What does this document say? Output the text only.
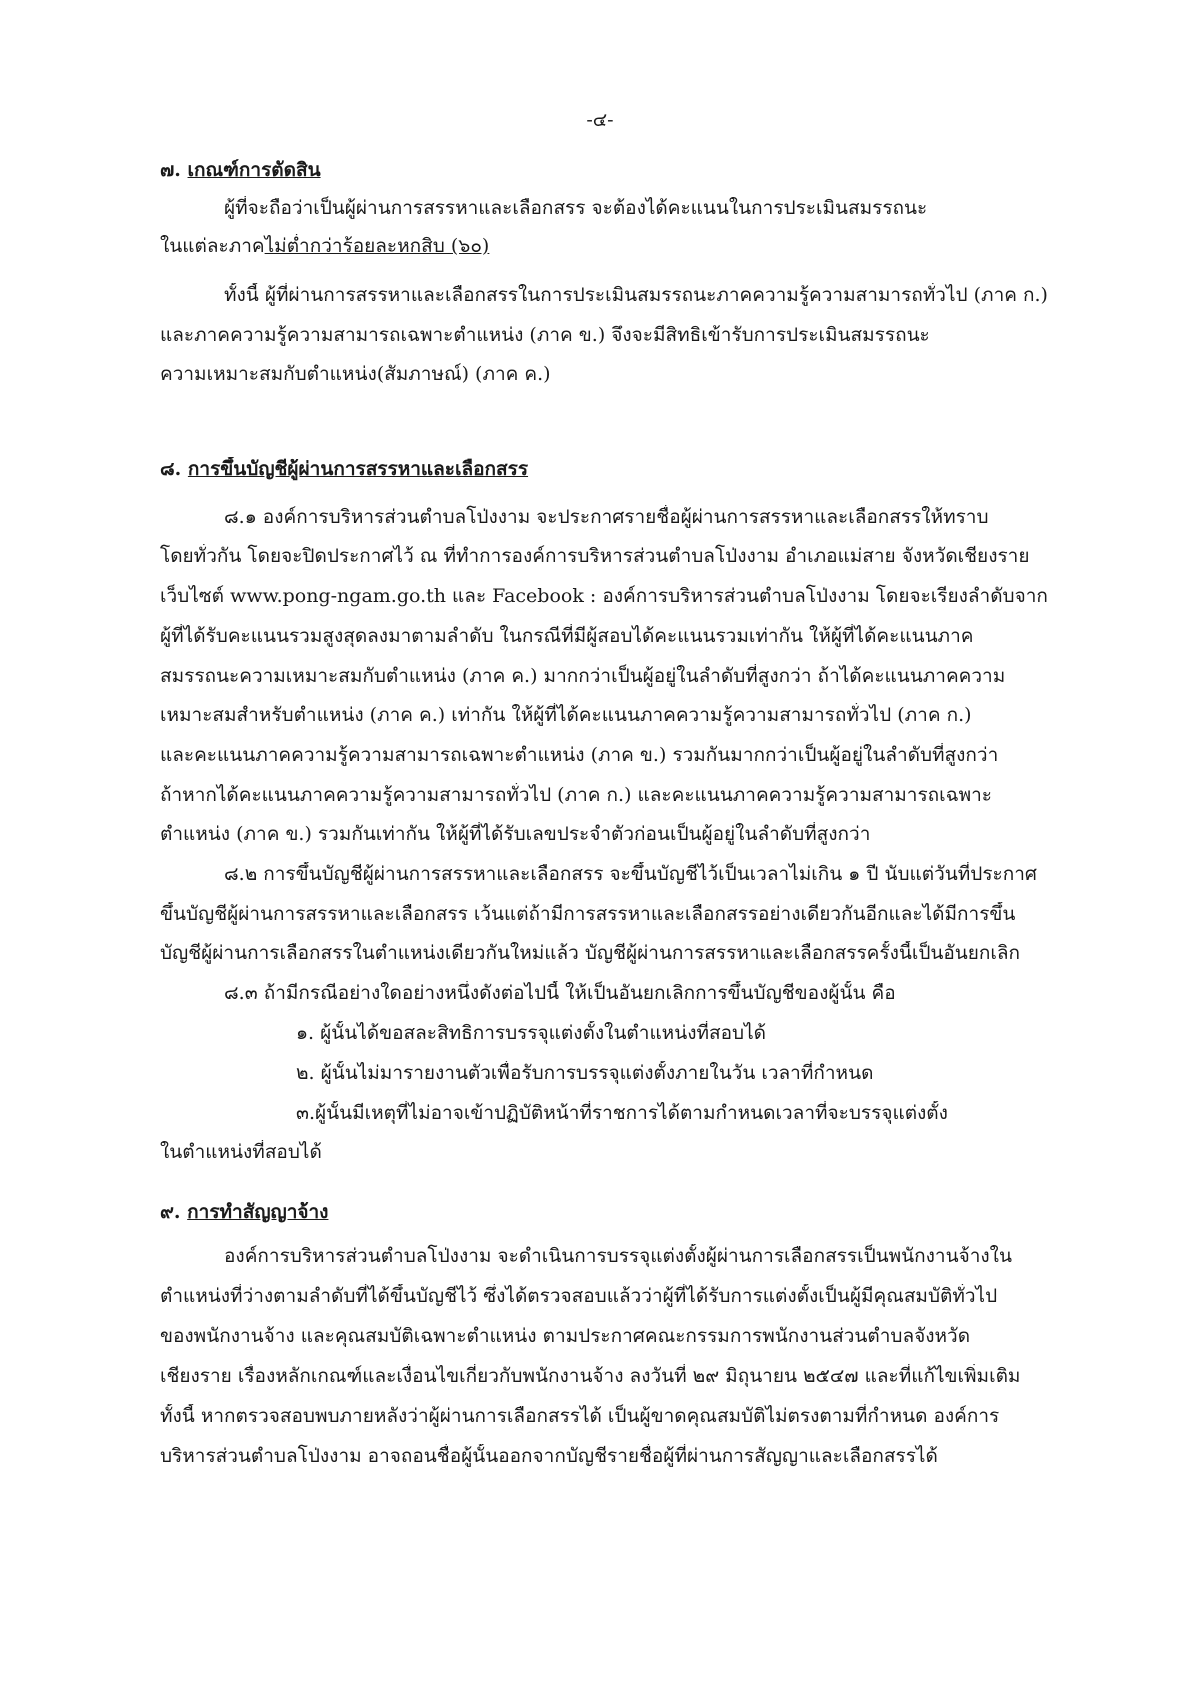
-๔-
๗. เกณฑ์การตัดสิน
ผู้ที่จะถือว่าเป็นผู้ผ่านการสรรหาและเลือกสรร จะต้องได้คะแนนในการประเมินสมรรถนะ
ในแต่ละภาคไม่ต่ำกว่าร้อยละหกสิบ (๖๐)
ทั้งนี้ ผู้ที่ผ่านการสรรหาและเลือกสรรในการประเมินสมรรถนะภาคความรู้ความสามารถทั่วไป (ภาค ก.)
และภาคความรู้ความสามารถเฉพาะตำแหน่ง (ภาค ข.) จึงจะมีสิทธิเข้ารับการประเมินสมรรถนะ
ความเหมาะสมกับตำแหน่ง(สัมภาษณ์) (ภาค ค.)
๘. การขึ้นบัญชีผู้ผ่านการสรรหาและเลือกสรร
๘.๑ องค์การบริหารส่วนตำบลโป่งงาม จะประกาศรายชื่อผู้ผ่านการสรรหาและเลือกสรรให้ทราบ
โดยทั่วกัน โดยจะปิดประกาศไว้ ณ ที่ทำการองค์การบริหารส่วนตำบลโป่งงาม อำเภอแม่สาย จังหวัดเชียงราย
เว็บไซต์ www.pong-ngam.go.th และ Facebook : องค์การบริหารส่วนตำบลโป่งงาม โดยจะเรียงลำดับจาก
ผู้ที่ได้รับคะแนนรวมสูงสุดลงมาตามลำดับ ในกรณีที่มีผู้สอบได้คะแนนรวมเท่ากัน ให้ผู้ที่ได้คะแนนภาค
สมรรถนะความเหมาะสมกับตำแหน่ง (ภาค ค.) มากกว่าเป็นผู้อยู่ในลำดับที่สูงกว่า ถ้าได้คะแนนภาคความ
เหมาะสมสำหรับตำแหน่ง (ภาค ค.) เท่ากัน ให้ผู้ที่ได้คะแนนภาคความรู้ความสามารถทั่วไป (ภาค ก.)
และคะแนนภาคความรู้ความสามารถเฉพาะตำแหน่ง (ภาค ข.) รวมกันมากกว่าเป็นผู้อยู่ในลำดับที่สูงกว่า
ถ้าหากได้คะแนนภาคความรู้ความสามารถทั่วไป (ภาค ก.) และคะแนนภาคความรู้ความสามารถเฉพาะ
ตำแหน่ง (ภาค ข.) รวมกันเท่ากัน ให้ผู้ที่ได้รับเลขประจำตัวก่อนเป็นผู้อยู่ในลำดับที่สูงกว่า
๘.๒ การขึ้นบัญชีผู้ผ่านการสรรหาและเลือกสรร จะขึ้นบัญชีไว้เป็นเวลาไม่เกิน ๑ ปี นับแต่วันที่ประกาศ
ขึ้นบัญชีผู้ผ่านการสรรหาและเลือกสรร เว้นแต่ถ้ามีการสรรหาและเลือกสรรอย่างเดียวกันอีกและได้มีการขึ้น
บัญชีผู้ผ่านการเลือกสรรในตำแหน่งเดียวกันใหม่แล้ว บัญชีผู้ผ่านการสรรหาและเลือกสรรครั้งนี้เป็นอันยกเลิก
๘.๓ ถ้ามีกรณีอย่างใดอย่างหนึ่งดังต่อไปนี้ ให้เป็นอันยกเลิกการขึ้นบัญชีของผู้นั้น คือ
๑. ผู้นั้นได้ขอสละสิทธิการบรรจุแต่งตั้งในตำแหน่งที่สอบได้
๒. ผู้นั้นไม่มารายงานตัวเพื่อรับการบรรจุแต่งตั้งภายในวัน เวลาที่กำหนด
๓.ผู้นั้นมีเหตุที่ไม่อาจเข้าปฏิบัติหน้าที่ราชการได้ตามกำหนดเวลาที่จะบรรจุแต่งตั้ง
ในตำแหน่งที่สอบได้
๙. การทำสัญญาจ้าง
องค์การบริหารส่วนตำบลโป่งงาม จะดำเนินการบรรจุแต่งตั้งผู้ผ่านการเลือกสรรเป็นพนักงานจ้างใน
ตำแหน่งที่ว่างตามลำดับที่ได้ขึ้นบัญชีไว้ ซึ่งได้ตรวจสอบแล้วว่าผู้ที่ได้รับการแต่งตั้งเป็นผู้มีคุณสมบัติทั่วไป
ของพนักงานจ้าง และคุณสมบัติเฉพาะตำแหน่ง ตามประกาศคณะกรรมการพนักงานส่วนตำบลจังหวัด
เชียงราย เรื่องหลักเกณฑ์และเงื่อนไขเกี่ยวกับพนักงานจ้าง ลงวันที่ ๒๙ มิถุนายน ๒๕๔๗ และที่แก้ไขเพิ่มเติม
ทั้งนี้ หากตรวจสอบพบภายหลังว่าผู้ผ่านการเลือกสรรได้ เป็นผู้ขาดคุณสมบัติไม่ตรงตามที่กำหนด องค์การ
บริหารส่วนตำบลโป่งงาม อาจถอนชื่อผู้นั้นออกจากบัญชีรายชื่อผู้ที่ผ่านการสัญญาและเลือกสรรได้
